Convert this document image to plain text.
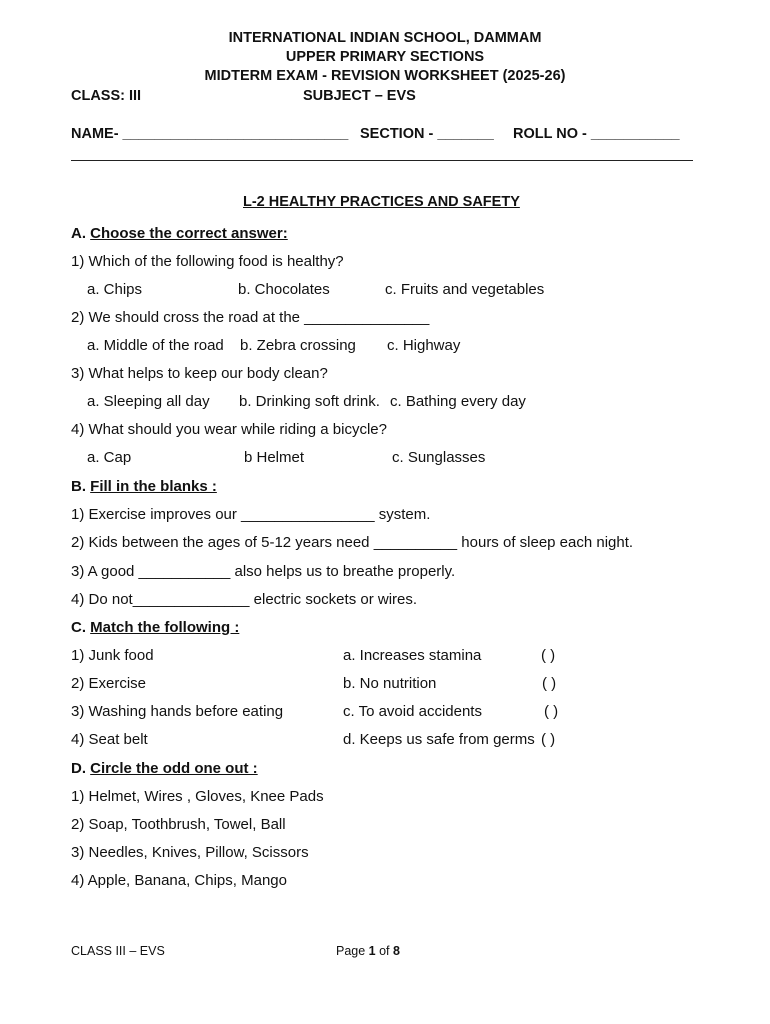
INTERNATIONAL INDIAN SCHOOL, DAMMAM
UPPER PRIMARY SECTIONS
MIDTERM EXAM - REVISION WORKSHEET (2025-26)
CLASS: III	SUBJECT – EVS
NAME- ____________________________ SECTION - _______ ROLL NO - ___________
L-2 HEALTHY PRACTICES AND SAFETY
A. Choose the correct answer:
1) Which of the following food is healthy?
a. Chips	b. Chocolates	c. Fruits and vegetables
2) We should cross the road at the _______________
a. Middle of the road b. Zebra crossing c. Highway
3) What helps to keep our body clean?
a. Sleeping all day b. Drinking soft drink. c. Bathing every day
4) What should you wear while riding a bicycle?
a. Cap	b Helmet	c. Sunglasses
B. Fill in the blanks :
1) Exercise improves our ________________ system.
2) Kids between the ages of 5-12 years need __________ hours of sleep each night.
3) A good ___________ also helps us to breathe properly.
4) Do not______________ electric sockets or wires.
C. Match the following :
1) Junk food	a. Increases stamina	( )
2) Exercise	b. No nutrition	( )
3) Washing hands before eating	c. To avoid accidents	( )
4) Seat belt	d. Keeps us safe from germs ( )
D. Circle the odd one out :
1) Helmet, Wires , Gloves, Knee Pads
2) Soap, Toothbrush, Towel, Ball
3) Needles, Knives, Pillow, Scissors
4) Apple, Banana, Chips, Mango
CLASS III – EVS	Page 1 of 8
